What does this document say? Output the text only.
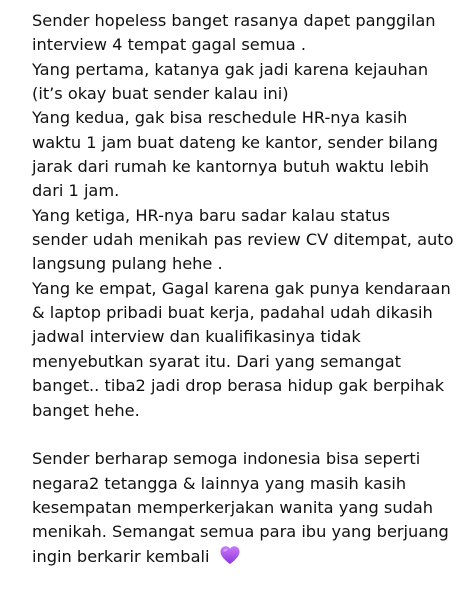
Sender hopeless banget rasanya dapet panggilan
interview 4 tempat gagal semua .
Yang pertama, katanya gak jadi karena kejauhan
(it’s okay buat sender kalau ini)
Yang kedua, gak bisa reschedule HR-nya kasih
waktu 1 jam buat dateng ke kantor, sender bilang
jarak dari rumah ke kantornya butuh waktu lebih
dari 1 jam.
Yang ketiga, HR-nya baru sadar kalau status
sender udah menikah pas review CV ditempat, auto
langsung pulang hehe .
Yang ke empat, Gagal karena gak punya kendaraan
& laptop pribadi buat kerja, padahal udah dikasih
jadwal interview dan kualifikasinya tidak
menyebutkan syarat itu. Dari yang semangat
banget.. tiba2 jadi drop berasa hidup gak berpihak
banget hehe.
Sender berharap semoga indonesia bisa seperti
negara2 tetangga & lainnya yang masih kasih
kesempatan memperkerjakan wanita yang sudah
menikah. Semangat semua para ibu yang berjuang
ingin berkarir kembali
